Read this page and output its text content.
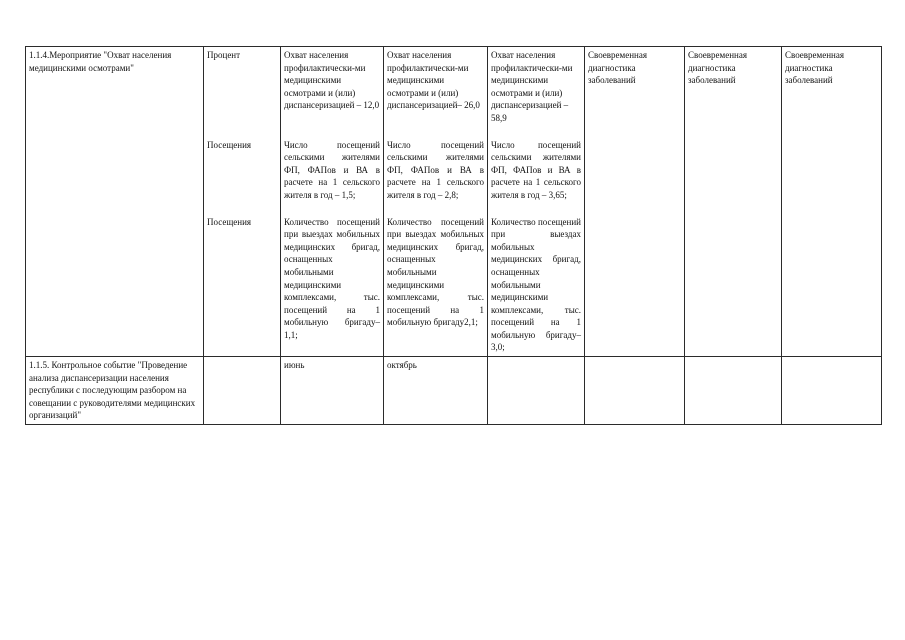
1.1.4.Мероприятие "Охват населения медицинскими осмотрами"	Процент	Охват населения профилактически-ми медицинскими осмотрами и (или) диспансеризацией – 12,0	Охват населения профилактически-ми медицинскими осмотрами и (или) диспансеризацией– 26,0	Охват населения профилактически-ми медицинскими осмотрами и (или) диспансеризацией –58,9	Своевременная диагностика заболеваний	Своевременная диагностика заболеваний	Своевременная диагностика заболеваний

	Посещения	Число посещений сельскими жителями ФП, ФАПов и ВА в расчете на 1 сельского жителя в год – 1,5;	Число посещений сельскими жителями ФП, ФАПов и ВА в расчете на 1 сельского жителя в год – 2,8;	Число посещений сельскими жителями ФП, ФАПов и ВА в расчете на 1 сельского жителя в год – 3,65;			

	Посещения	Количество посещений при выездах мобильных медицинских бригад, оснащенных мобильными медицинскими комплексами, тыс. посещений на 1 мобильную бригаду– 1,1;	Количество посещений при выездах мобильных медицинских бригад, оснащенных мобильными медицинскими комплексами, тыс. посещений на 1 мобильную бригаду2,1;	Количество посещений при выездах мобильных медицинских бригад, оснащенных мобильными медицинскими комплексами, тыс. посещений на 1 мобильную бригаду– 3,0;			

1.1.5. Контрольное событие "Проведение анализа диспансеризации населения республики с последующим разбором на совещании с руководителями медицинских организаций"		июнь	октябрь				
